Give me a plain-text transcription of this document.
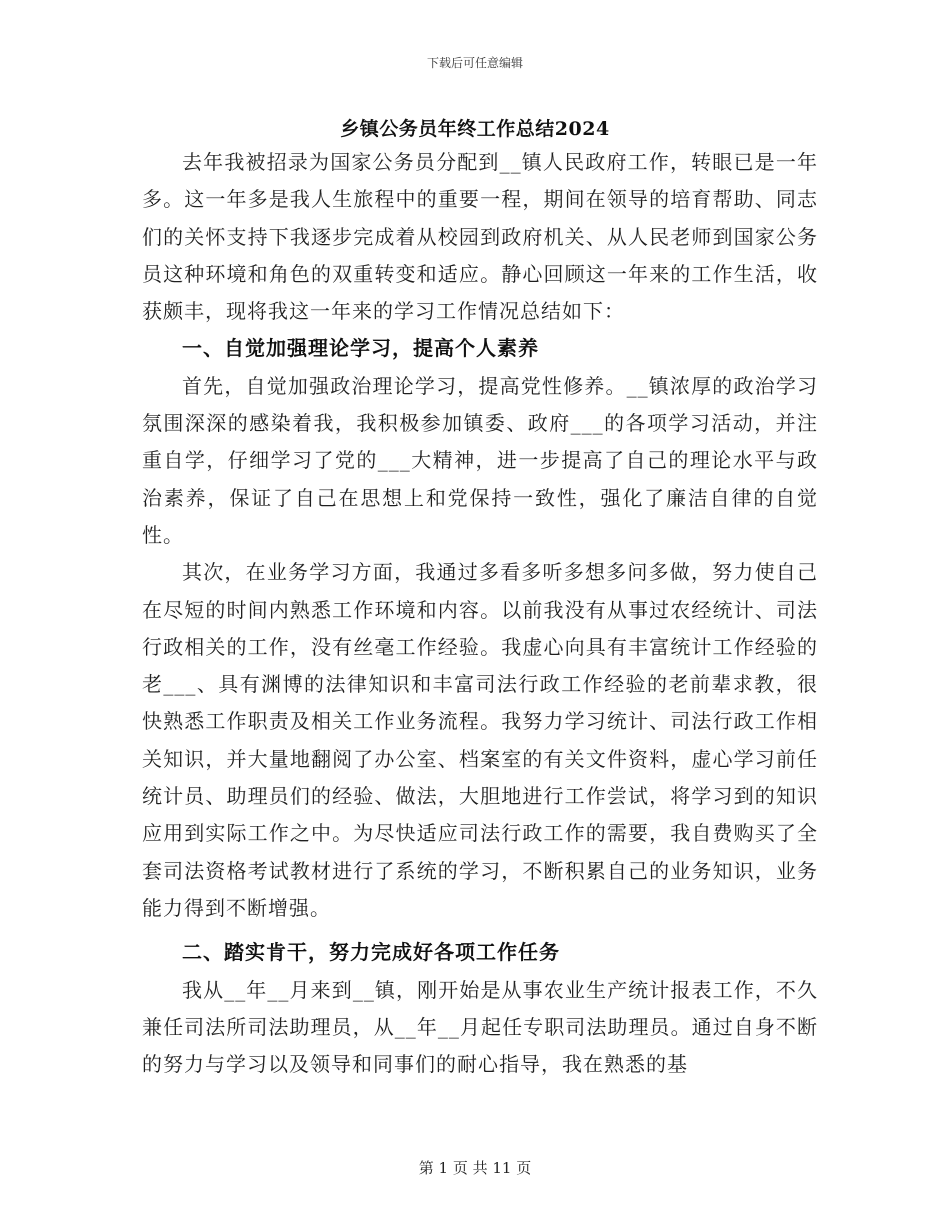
下载后可任意编辑
乡镇公务员年终工作总结2024

去年我被招录为国家公务员分配到__镇人民政府工作，转眼已是一年多。这一年多是我人生旅程中的重要一程，期间在领导的培育帮助、同志们的关怀支持下我逐步完成着从校园到政府机关、从人民老师到国家公务员这种环境和角色的双重转变和适应。静心回顾这一年来的工作生活，收获颇丰，现将我这一年来的学习工作情况总结如下：

一、自觉加强理论学习，提高个人素养

首先，自觉加强政治理论学习，提高党性修养。__镇浓厚的政治学习氛围深深的感染着我，我积极参加镇委、政府___的各项学习活动，并注重自学，仔细学习了党的___大精神，进一步提高了自己的理论水平与政治素养，保证了自己在思想上和党保持一致性，强化了廉洁自律的自觉性。

其次，在业务学习方面，我通过多看多听多想多问多做，努力使自己在尽短的时间内熟悉工作环境和内容。以前我没有从事过农经统计、司法行政相关的工作，没有丝毫工作经验。我虚心向具有丰富统计工作经验的老___、具有渊博的法律知识和丰富司法行政工作经验的老前辈求教，很快熟悉工作职责及相关工作业务流程。我努力学习统计、司法行政工作相关知识，并大量地翻阅了办公室、档案室的有关文件资料，虚心学习前任统计员、助理员们的经验、做法，大胆地进行工作尝试，将学习到的知识应用到实际工作之中。为尽快适应司法行政工作的需要，我自费购买了全套司法资格考试教材进行了系统的学习，不断积累自己的业务知识，业务能力得到不断增强。

二、踏实肯干，努力完成好各项工作任务

我从__年__月来到__镇，刚开始是从事农业生产统计报表工作，不久兼任司法所司法助理员，从__年__月起任专职司法助理员。通过自身不断的努力与学习以及领导和同事们的耐心指导，我在熟悉的基

第 1 页 共 11 页
